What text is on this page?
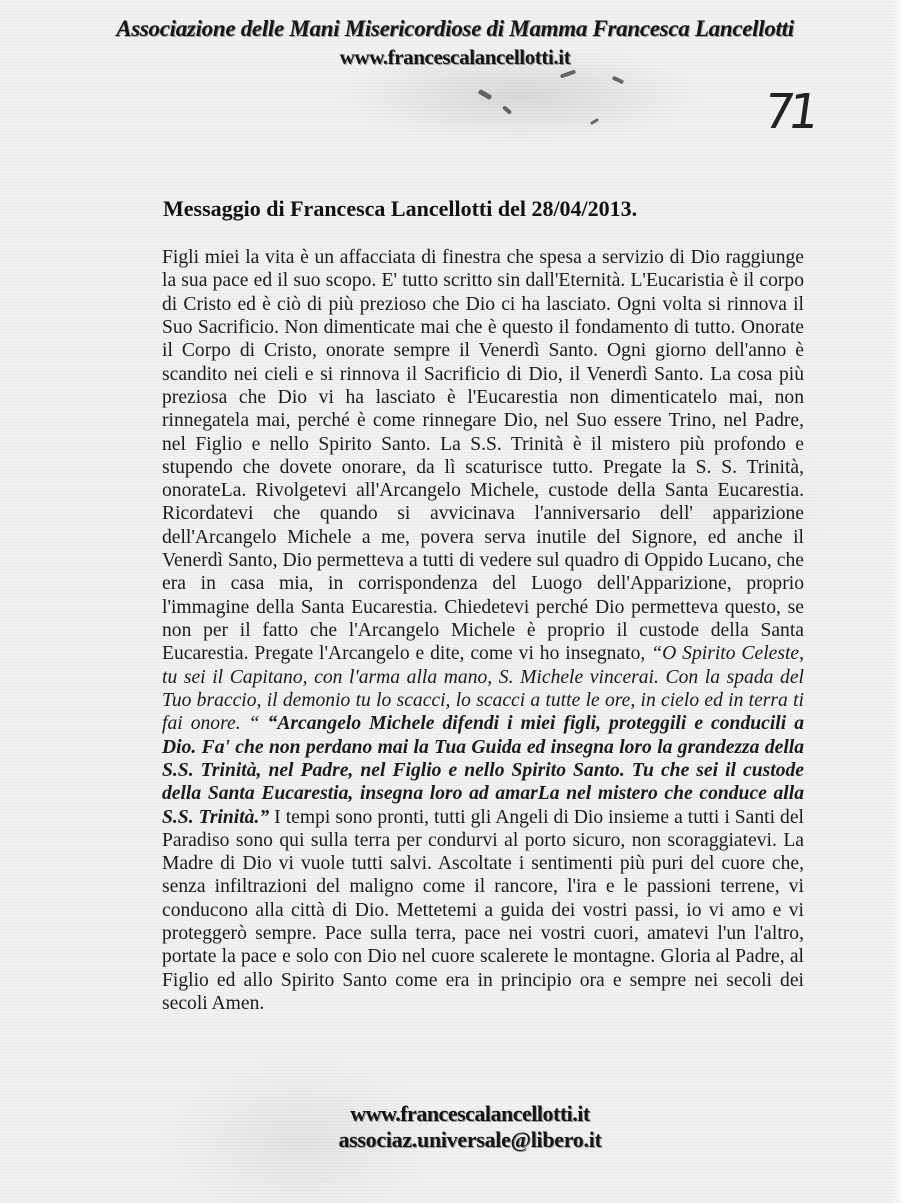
Associazione delle Mani Misericordiose di Mamma Francesca Lancellotti
www.francescalancellotti.it
71
Messaggio di Francesca Lancellotti del 28/04/2013.
Figli miei la vita è un affacciata di finestra che spesa a servizio di Dio raggiunge la sua pace ed il suo scopo. E' tutto scritto sin dall'Eternità. L'Eucaristia è il corpo di Cristo ed è ciò di più prezioso che Dio ci ha lasciato. Ogni volta si rinnova il Suo Sacrificio. Non dimenticate mai che è questo il fondamento di tutto. Onorate il Corpo di Cristo, onorate sempre il Venerdì Santo. Ogni giorno dell'anno è scandito nei cieli e si rinnova il Sacrificio di Dio, il Venerdì Santo. La cosa più preziosa che Dio vi ha lasciato è l'Eucarestia non dimenticatelo mai, non rinnegatela mai, perché è come rinnegare Dio, nel Suo essere Trino, nel Padre, nel Figlio e nello Spirito Santo. La S.S. Trinità è il mistero più profondo e stupendo che dovete onorare, da lì scaturisce tutto. Pregate la S. S. Trinità, onorateLa. Rivolgetevi all'Arcangelo Michele, custode della Santa Eucarestia. Ricordatevi che quando si avvicinava l'anniversario dell' apparizione dell'Arcangelo Michele a me, povera serva inutile del Signore, ed anche il Venerdì Santo, Dio permetteva a tutti di vedere sul quadro di Oppido Lucano, che era in casa mia, in corrispondenza del Luogo dell'Apparizione, proprio l'immagine della Santa Eucarestia. Chiedetevi perché Dio permetteva questo, se non per il fatto che l'Arcangelo Michele è proprio il custode della Santa Eucarestia. Pregate l'Arcangelo e dite, come vi ho insegnato, “O Spirito Celeste, tu sei il Capitano, con l'arma alla mano, S. Michele vincerai. Con la spada del Tuo braccio, il demonio tu lo scacci, lo scacci a tutte le ore, in cielo ed in terra ti fai onore. “ “Arcangelo Michele difendi i miei figli, proteggili e conducili a Dio. Fa' che non perdano mai la Tua Guida ed insegna loro la grandezza della S.S. Trinità, nel Padre, nel Figlio e nello Spirito Santo. Tu che sei il custode della Santa Eucarestia, insegna loro ad amarLa nel mistero che conduce alla S.S. Trinità.” I tempi sono pronti, tutti gli Angeli di Dio insieme a tutti i Santi del Paradiso sono qui sulla terra per condurvi al porto sicuro, non scoraggiatevi. La Madre di Dio vi vuole tutti salvi. Ascoltate i sentimenti più puri del cuore che, senza infiltrazioni del maligno come il rancore, l'ira e le passioni terrene, vi conducono alla città di Dio. Mettetemi a guida dei vostri passi, io vi amo e vi proteggerò sempre. Pace sulla terra, pace nei vostri cuori, amatevi l'un l'altro, portate la pace e solo con Dio nel cuore scalerete le montagne. Gloria al Padre, al Figlio ed allo Spirito Santo come era in principio ora e sempre nei secoli dei secoli Amen.
www.francescalancellotti.it
associaz.universale@libero.it
